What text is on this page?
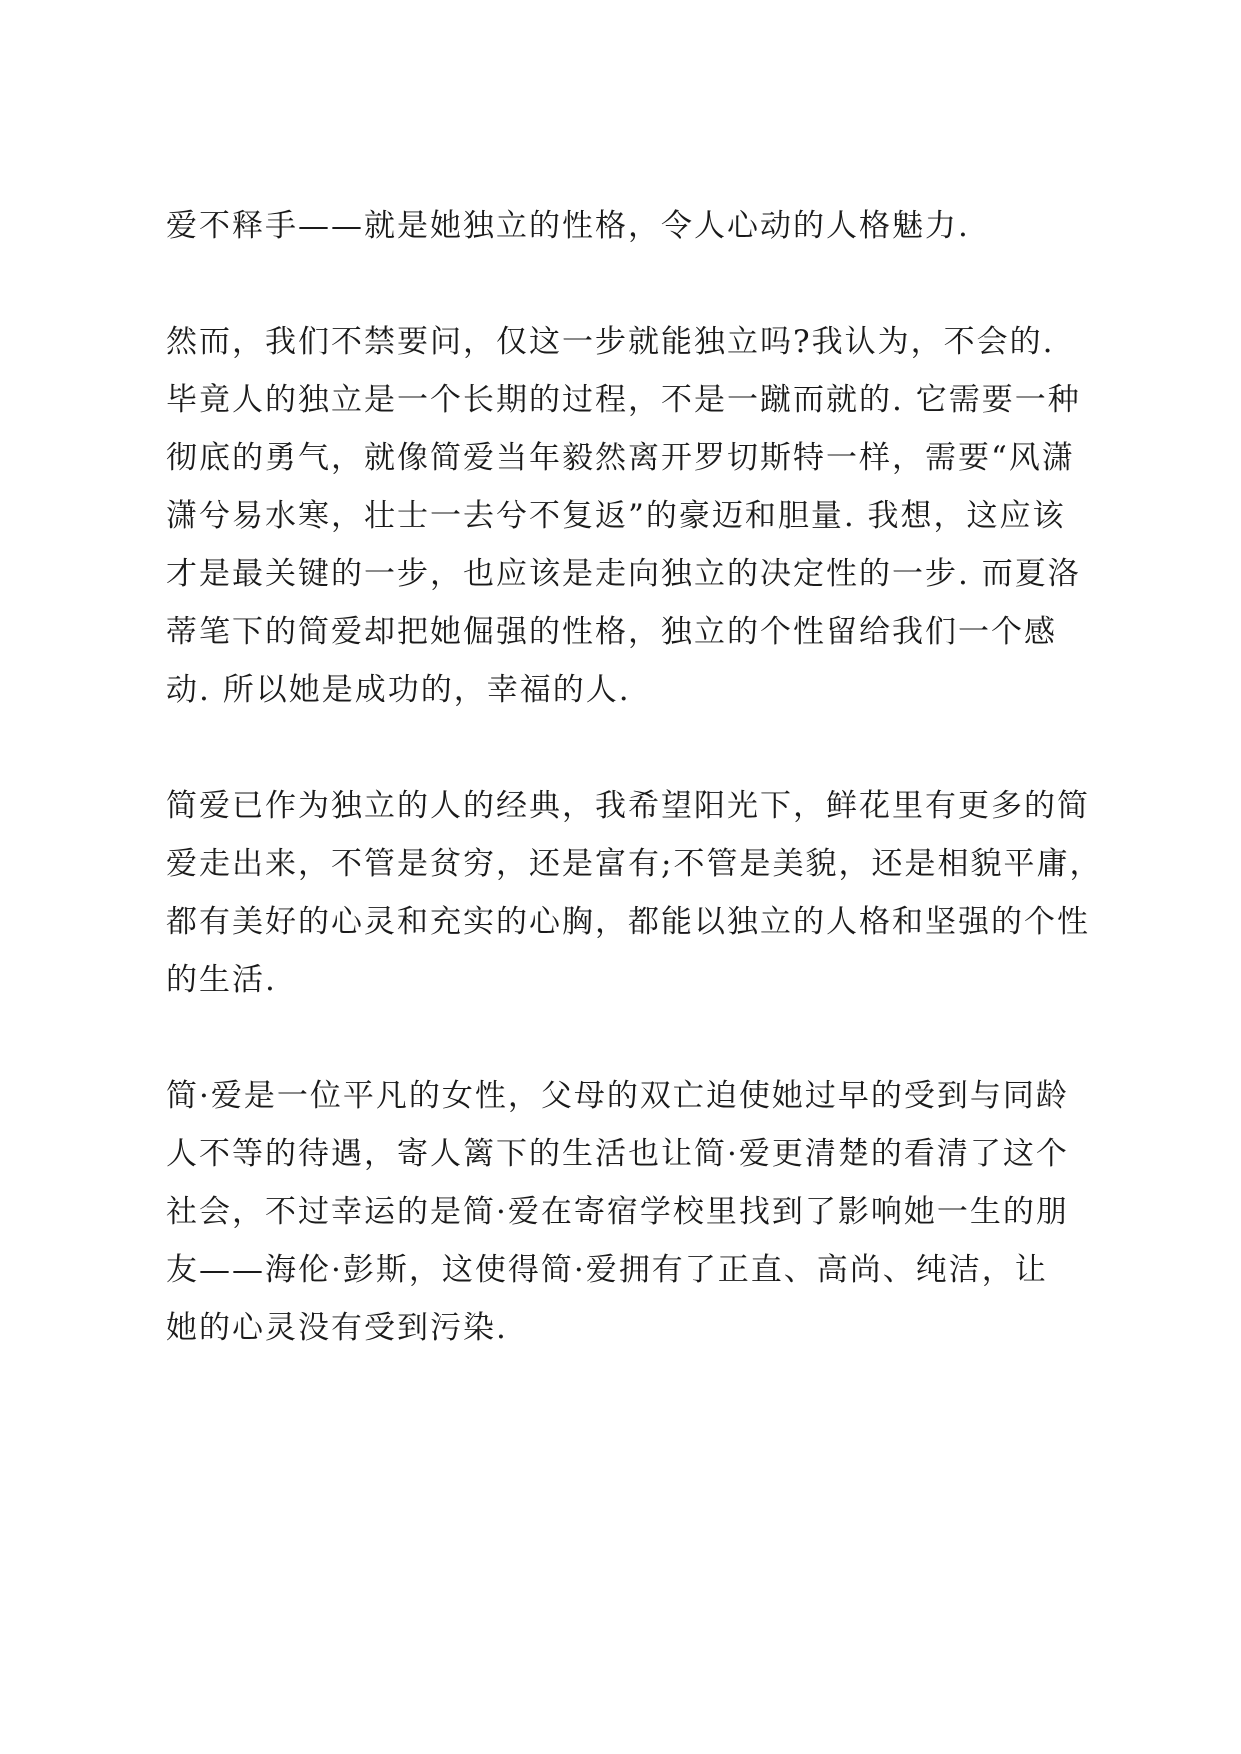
爱不释手——就是她独立的性格，令人心动的人格魅力.
然而，我们不禁要问，仅这一步就能独立吗?我认为，不会的.
毕竟人的独立是一个长期的过程，不是一蹴而就的. 它需要一种
彻底的勇气，就像简爱当年毅然离开罗切斯特一样，需要“风潇
潇兮易水寒，壮士一去兮不复返”的豪迈和胆量. 我想，这应该
才是最关键的一步，也应该是走向独立的决定性的一步. 而夏洛
蒂笔下的简爱却把她倔强的性格，独立的个性留给我们一个感
动. 所以她是成功的，幸福的人.
简爱已作为独立的人的经典，我希望阳光下，鲜花里有更多的简
爱走出来，不管是贫穷，还是富有;不管是美貌，还是相貌平庸，
都有美好的心灵和充实的心胸，都能以独立的人格和坚强的个性
的生活.
简·爱是一位平凡的女性，父母的双亡迫使她过早的受到与同龄
人不等的待遇，寄人篱下的生活也让简·爱更清楚的看清了这个
社会，不过幸运的是简·爱在寄宿学校里找到了影响她一生的朋
友——海伦·彭斯，这使得简·爱拥有了正直、高尚、纯洁，让
她的心灵没有受到污染.
